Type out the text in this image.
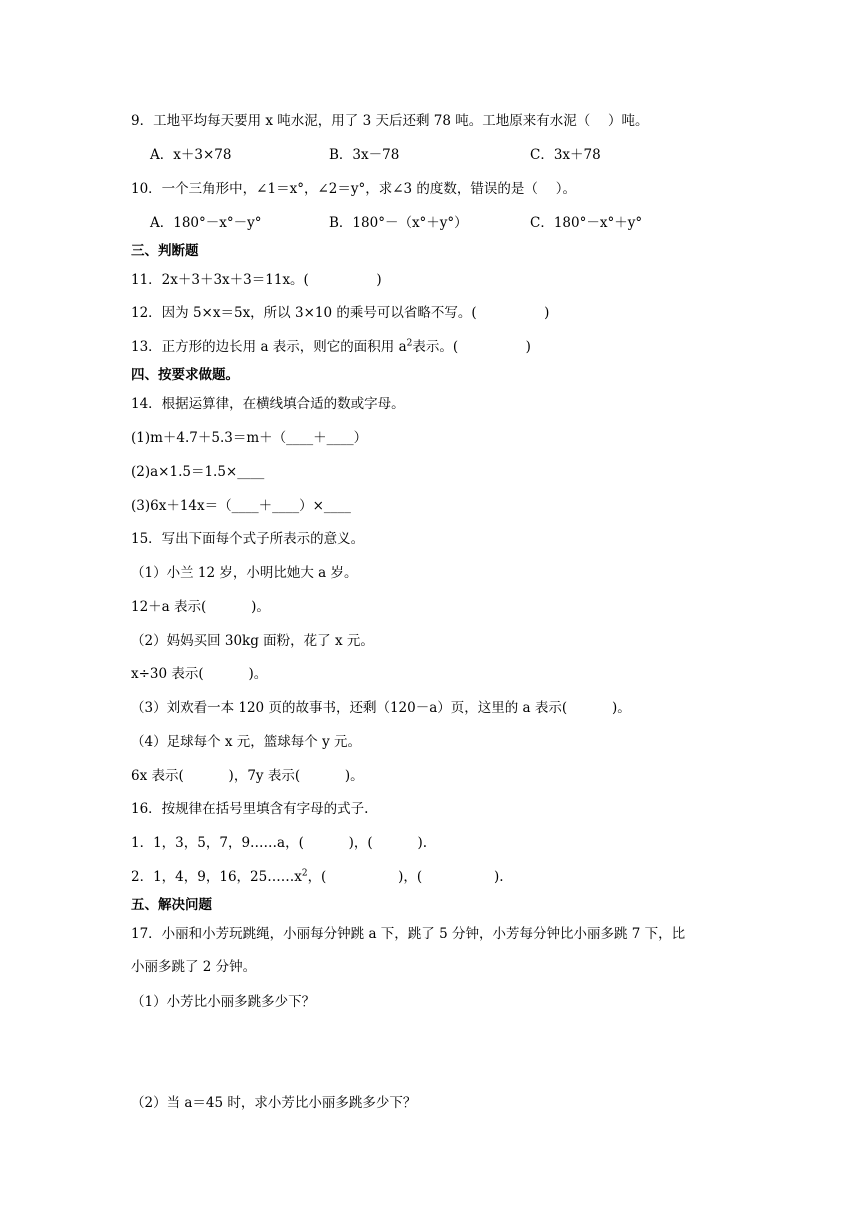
9．工地平均每天要用 x 吨水泥，用了 3 天后还剩 78 吨。工地原来有水泥（　 ）吨。

A．x＋3×78	B．3x－78	C．3x＋78

10．一个三角形中，∠1＝x°，∠2＝y°，求∠3 的度数，错误的是（　 ）。

A．180°－x°－y°	B．180°－（x°＋y°）	C．180°－x°＋y°

三、判断题

11．2x＋3＋3x＋3＝11x。(　　　　　)

12．因为 5×x＝5x，所以 3×10 的乘号可以省略不写。(　　　　　)

13．正方形的边长用 a 表示，则它的面积用 $a^2$表示。(　　　　　)

四、按要求做题。

14．根据运算律，在横线填合适的数或字母。

(1)m＋4.7＋5.3＝m＋（____＋____）

(2)a×1.5＝1.5×____

(3)6x＋14x＝（____＋____）×____

15．写出下面每个式子所表示的意义。

（1）小兰 12 岁，小明比她大 a 岁。

12＋a 表示(　　　 )。

（2）妈妈买回 30kg 面粉，花了 x 元。

x÷30 表示(　　　 )。

（3）刘欢看一本 120 页的故事书，还剩（120－a）页，这里的 a 表示(　　　 )。

（4）足球每个 x 元，篮球每个 y 元。

6x 表示(　　　 )，7y 表示(　　　 )。

16．按规律在括号里填含有字母的式子.

1．1，3，5，7，9……a，(　　　 )，(　　　 ).

2．1，4，9，16，$25\dots\dots x^2$，(　　　　　 )，(　　　　　 ).

五、解决问题

17．小丽和小芳玩跳绳，小丽每分钟跳 a 下，跳了 5 分钟，小芳每分钟比小丽多跳 7 下，比

小丽多跳了 2 分钟。

（1）小芳比小丽多跳多少下？

（2）当 a＝45 时，求小芳比小丽多跳多少下？
